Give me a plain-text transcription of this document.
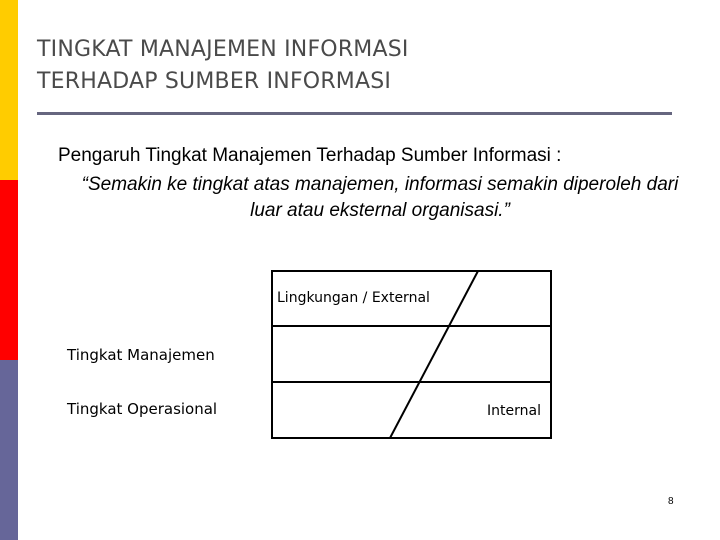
TINGKAT MANAJEMEN INFORMASI
TERHADAP SUMBER INFORMASI
Pengaruh Tingkat Manajemen Terhadap Sumber Informasi :
“Semakin ke tingkat atas manajemen, informasi semakin diperoleh dari
luar atau eksternal organisasi.”
Lingkungan / External
Tingkat Manajemen
Tingkat Operasional	Internal
8
